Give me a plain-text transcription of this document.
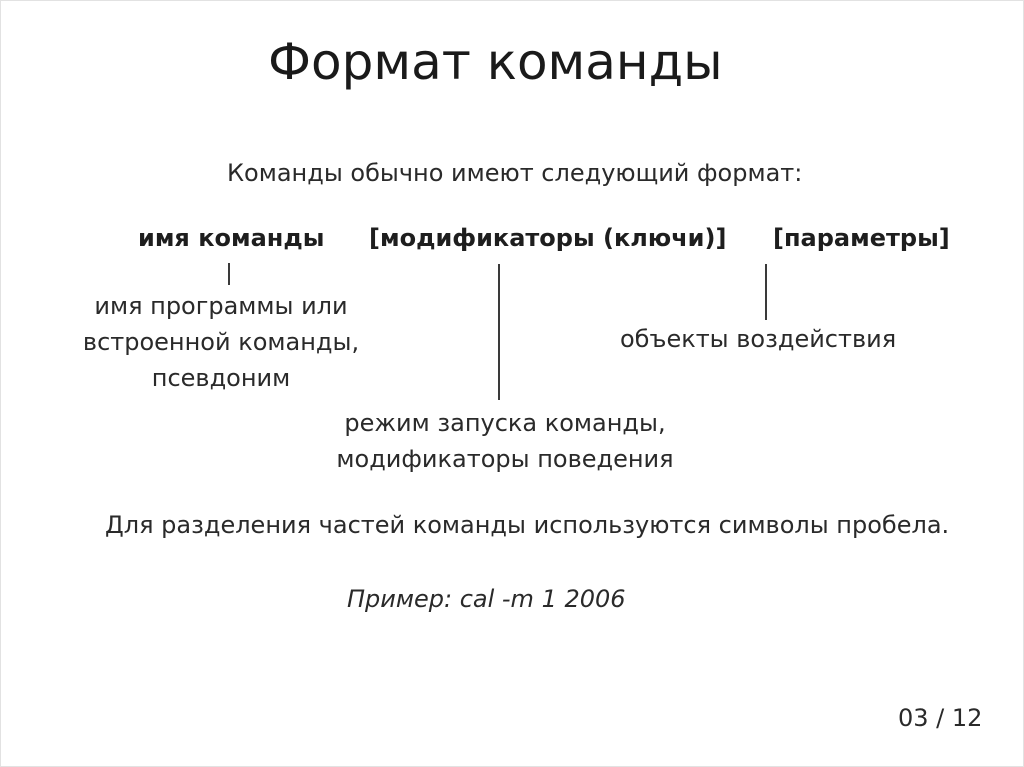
Формат команды
Команды обычно имеют следующий формат:
имя команды [модификаторы (ключи)] [параметры]
имя программы или
встроенной команды,
псевдоним
режим запуска команды,
модификаторы поведения
объекты воздействия
Для разделения частей команды используются символы пробела.
Пример: cal -m 1 2006
03 / 12
